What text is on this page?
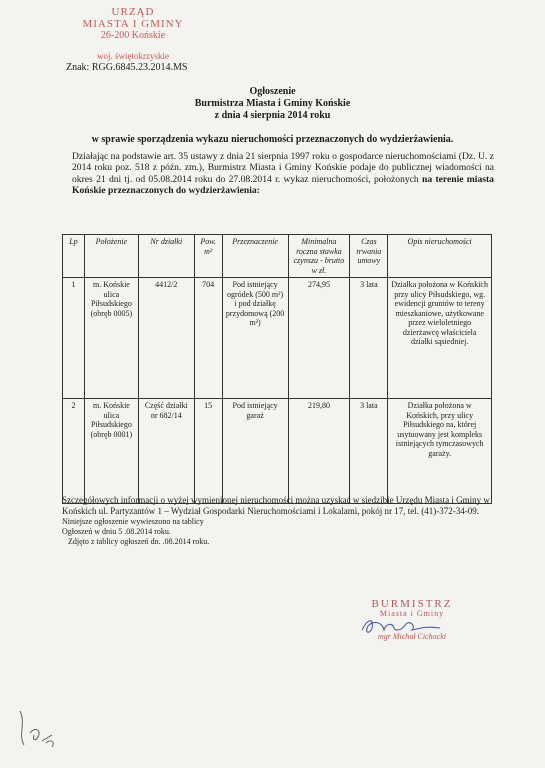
URZĄD
MIASTA I GMINY
26-200 Końskie
woj. świętokrzyskie
Znak: RGG.6845.23.2014.MS
Ogłoszenie
Burmistrza Miasta i Gminy Końskie
z dnia 4 sierpnia 2014 roku
w sprawie sporządzenia wykazu nieruchomości przeznaczonych do wydzierżawienia.
Działając na podstawie art. 35 ustawy z dnia 21 sierpnia 1997 roku o gospodarce nieruchomościami (Dz. U. z 2014 roku poz. 518 z późn. zm.), Burmistrz Miasta i Gminy Końskie podaje do publicznej wiadomości na okres 21 dni tj. od 05.08.2014 roku do 27.08.2014 r. wykaz nieruchomości, położonych na terenie miasta Końskie przeznaczonych do wydzierżawienia:
Lp	Położenie	Nr działki	Pow. m²	Przeznaczenie	Minimalna roczna stawka czynszu - brutto w zł.	Czas trwania umowy	Opis nieruchomości
1	m. Końskie ulica Piłsudskiego (obręb 0005)	4412/2	704	Pod istniejący ogródek (500 m²) i pod działkę przydomową (200 m²)	274,95	3 lata	Działka położona w Końskich przy ulicy Piłsudskiego, wg. ewidencji gruntów to tereny mieszkaniowe, użytkowane przez wieloletniego dzierżawcę właściciela działki sąsiedniej.
2	m. Końskie ulica Piłsudskiego (obręb 0001)	Część działki nr 682/14	15	Pod istniejący garaż	219,80	3 lata	Działka położona w Końskich, przy ulicy Piłsudskiego na, której usytuowany jest kompleks istniejących tymczasowych garaży.
Szczegółowych informacji o wyżej wymienionej nieruchomości można uzyskać w siedzibie Urzędu Miasta i Gminy w Końskich ul. Partyzantów 1 – Wydział Gospodarki Nieruchomościami i Lokalami, pokój nr 17, tel. (41)-372-34-09.
Niniejsze ogłoszenie wywieszono na tablicy
Ogłoszeń w dniu 5 .08.2014 roku.
Zdjęto z tablicy ogłoszeń dn. .08.2014 roku.
BURMISTRZ
Miasta i Gminy
mgr Michał Cichocki
